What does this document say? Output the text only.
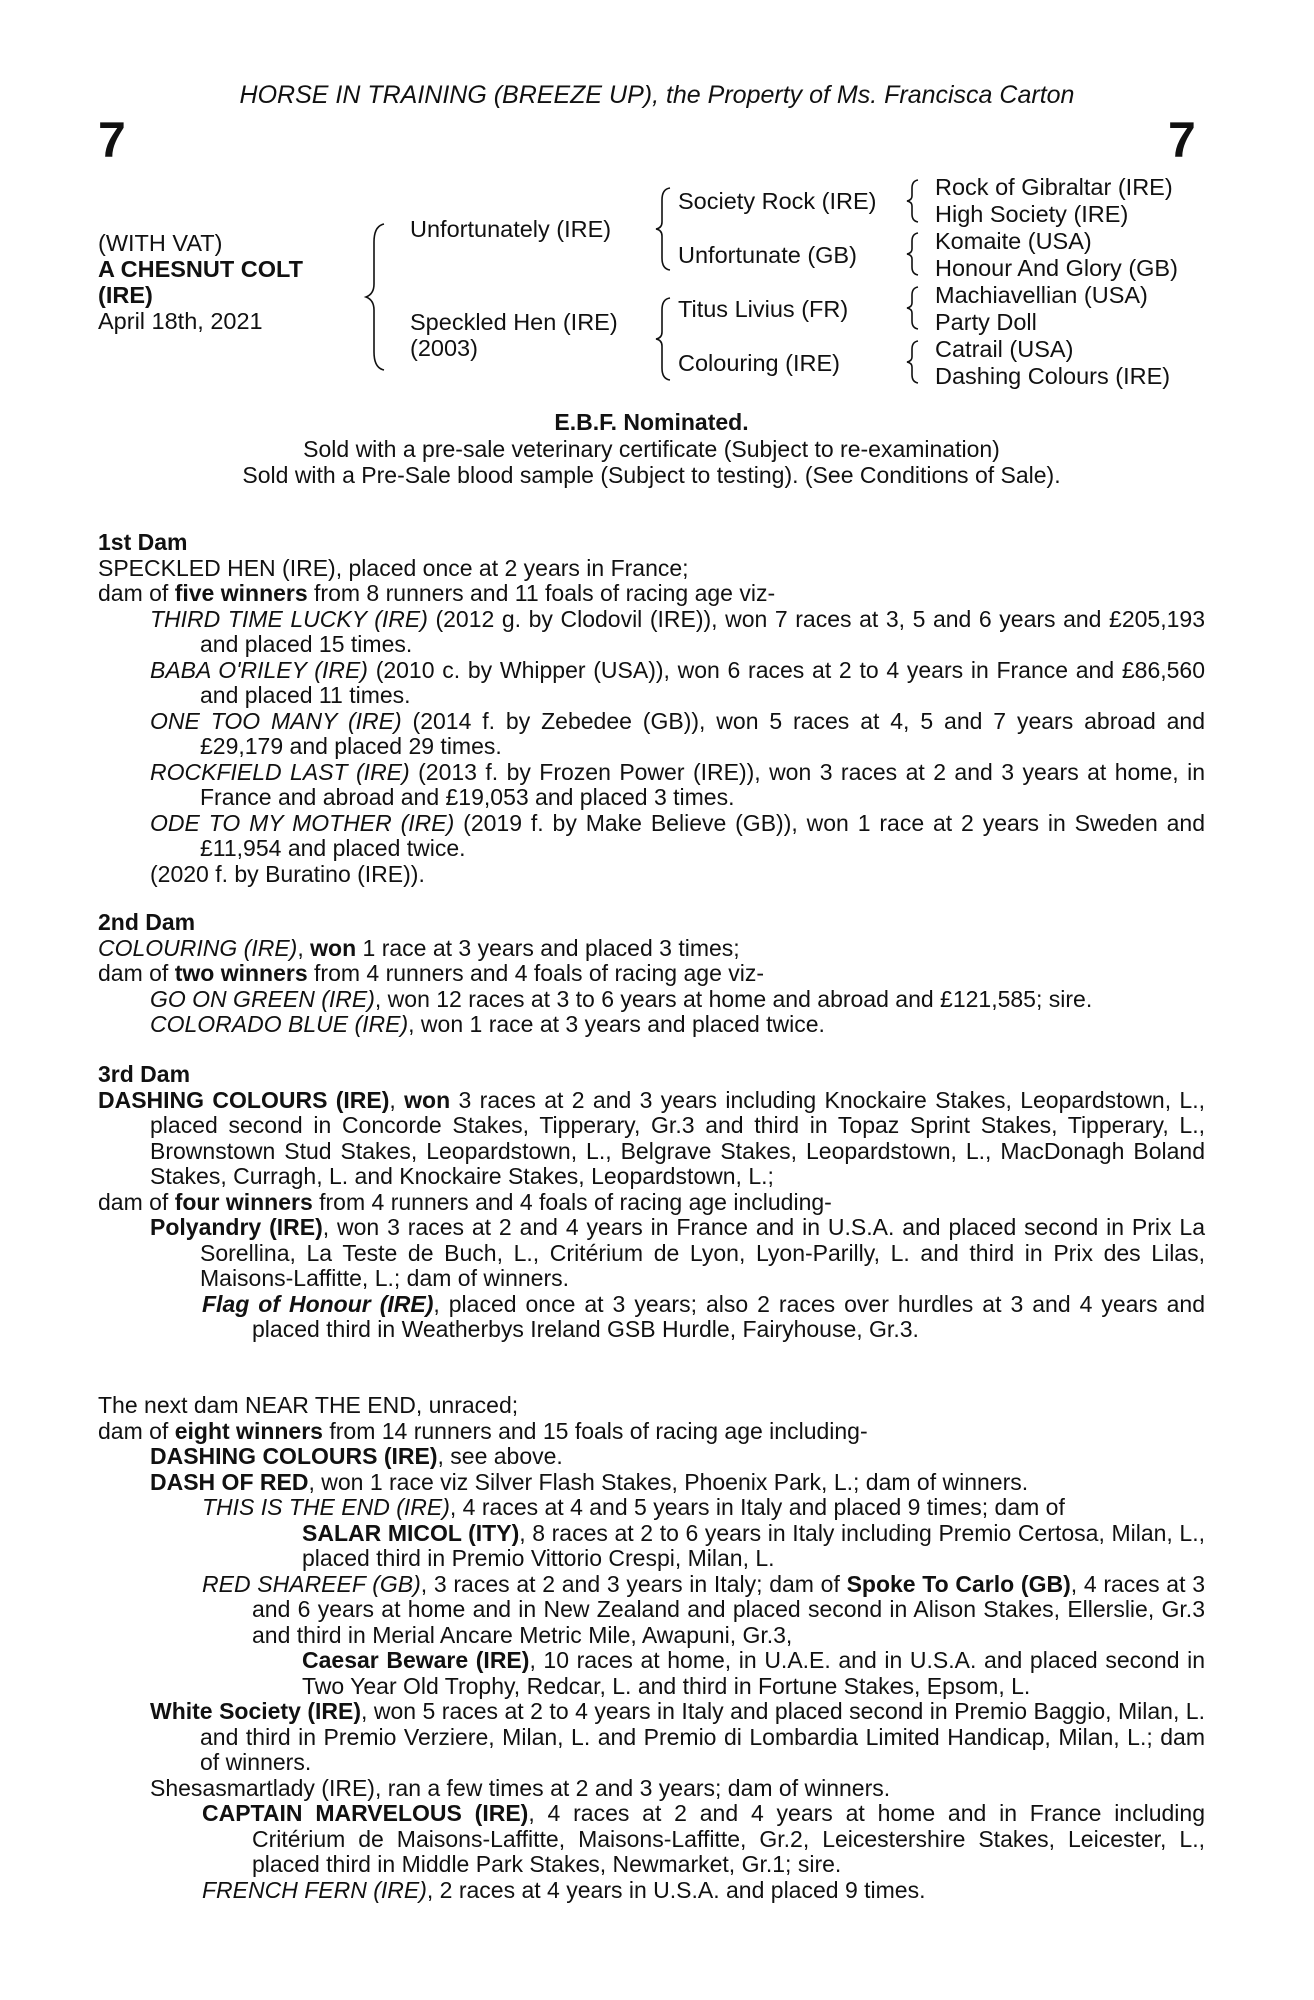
HORSE IN TRAINING (BREEZE UP), the Property of Ms. Francisca Carton
7	7
(WITH VAT)
A CHESNUT COLT
(IRE)
April 18th, 2021
Unfortunately (IRE)
Speckled Hen (IRE)
(2003)
Society Rock (IRE)
Unfortunate (GB)
Titus Livius (FR)
Colouring (IRE)
Rock of Gibraltar (IRE)
High Society (IRE)
Komaite (USA)
Honour And Glory (GB)
Machiavellian (USA)
Party Doll
Catrail (USA)
Dashing Colours (IRE)
E.B.F. Nominated.
Sold with a pre-sale veterinary certificate (Subject to re-examination)
Sold with a Pre-Sale blood sample (Subject to testing). (See Conditions of Sale).

1st Dam

SPECKLED HEN (IRE), placed once at 2 years in France;

dam of five winners from 8 runners and 11 foals of racing age viz-

THIRD TIME LUCKY (IRE) (2012 g. by Clodovil (IRE)), won 7 races at 3, 5 and 6 years and £205,193 and placed 15 times.

BABA O'RILEY (IRE) (2010 c. by Whipper (USA)), won 6 races at 2 to 4 years in France and £86,560 and placed 11 times.

ONE TOO MANY (IRE) (2014 f. by Zebedee (GB)), won 5 races at 4, 5 and 7 years abroad and £29,179 and placed 29 times.

ROCKFIELD LAST (IRE) (2013 f. by Frozen Power (IRE)), won 3 races at 2 and 3 years at home, in France and abroad and £19,053 and placed 3 times.

ODE TO MY MOTHER (IRE) (2019 f. by Make Believe (GB)), won 1 race at 2 years in Sweden and £11,954 and placed twice.

(2020 f. by Buratino (IRE)).

2nd Dam

COLOURING (IRE), won 1 race at 3 years and placed 3 times;

dam of two winners from 4 runners and 4 foals of racing age viz-

GO ON GREEN (IRE), won 12 races at 3 to 6 years at home and abroad and £121,585; sire.

COLORADO BLUE (IRE), won 1 race at 3 years and placed twice.

3rd Dam

DASHING COLOURS (IRE), won 3 races at 2 and 3 years including Knockaire Stakes, Leopardstown, L., placed second in Concorde Stakes, Tipperary, Gr.3 and third in Topaz Sprint Stakes, Tipperary, L., Brownstown Stud Stakes, Leopardstown, L., Belgrave Stakes, Leopardstown, L., MacDonagh Boland Stakes, Curragh, L. and Knockaire Stakes, Leopardstown, L.;

dam of four winners from 4 runners and 4 foals of racing age including-

Polyandry (IRE), won 3 races at 2 and 4 years in France and in U.S.A. and placed second in Prix La Sorellina, La Teste de Buch, L., Critérium de Lyon, Lyon-Parilly, L. and third in Prix des Lilas, Maisons-Laffitte, L.; dam of winners.

Flag of Honour (IRE), placed once at 3 years; also 2 races over hurdles at 3 and 4 years and placed third in Weatherbys Ireland GSB Hurdle, Fairyhouse, Gr.3.

The next dam NEAR THE END, unraced;

dam of eight winners from 14 runners and 15 foals of racing age including-

DASHING COLOURS (IRE), see above.

DASH OF RED, won 1 race viz Silver Flash Stakes, Phoenix Park, L.; dam of winners.

THIS IS THE END (IRE), 4 races at 4 and 5 years in Italy and placed 9 times; dam of

SALAR MICOL (ITY), 8 races at 2 to 6 years in Italy including Premio Certosa, Milan, L., placed third in Premio Vittorio Crespi, Milan, L.

RED SHAREEF (GB), 3 races at 2 and 3 years in Italy; dam of Spoke To Carlo (GB), 4 races at 3 and 6 years at home and in New Zealand and placed second in Alison Stakes, Ellerslie, Gr.3 and third in Merial Ancare Metric Mile, Awapuni, Gr.3,

Caesar Beware (IRE), 10 races at home, in U.A.E. and in U.S.A. and placed second in Two Year Old Trophy, Redcar, L. and third in Fortune Stakes, Epsom, L.

White Society (IRE), won 5 races at 2 to 4 years in Italy and placed second in Premio Baggio, Milan, L. and third in Premio Verziere, Milan, L. and Premio di Lombardia Limited Handicap, Milan, L.; dam of winners.

Shesasmartlady (IRE), ran a few times at 2 and 3 years; dam of winners.

CAPTAIN MARVELOUS (IRE), 4 races at 2 and 4 years at home and in France including Critérium de Maisons-Laffitte, Maisons-Laffitte, Gr.2, Leicestershire Stakes, Leicester, L., placed third in Middle Park Stakes, Newmarket, Gr.1; sire.

FRENCH FERN (IRE), 2 races at 4 years in U.S.A. and placed 9 times.
